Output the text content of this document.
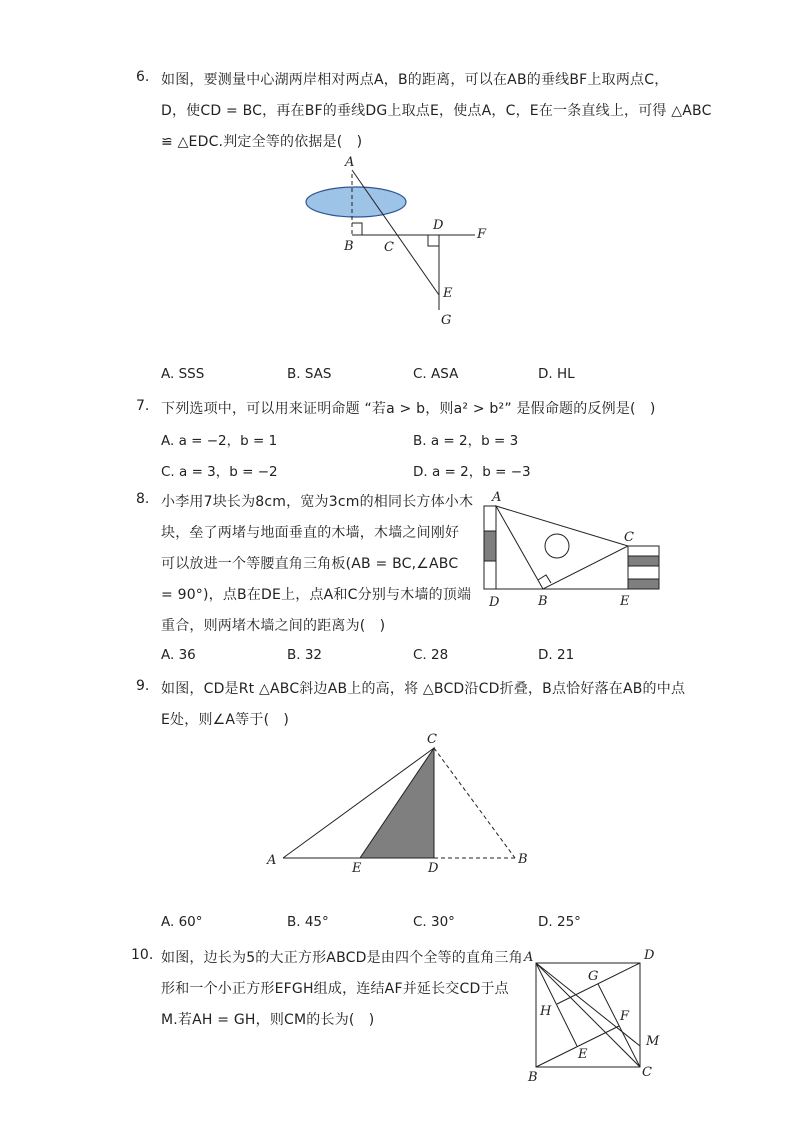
6. 如图，要测量中心湖两岸相对两点A，B的距离，可以在AB的垂线BF上取两点C，
D，使CD = BC，再在BF的垂线DG上取点E，使点A，C，E在一条直线上，可得 △ABC
≌ △EDC.判定全等的依据是(　)
A
B C
D
F
E
G
A. SSS	B. SAS	C. ASA	D. HL
7. 下列选项中，可以用来证明命题 “若a > b，则a² > b²” 是假命题的反例是(　)
A. a = −2，b = 1	B. a = 2，b = 3
C. a = 3，b = −2	D. a = 2，b = −3
8. 小李用7块长为8cm，宽为3cm的相同长方体小木
块，垒了两堵与地面垂直的木墙，木墙之间刚好
可以放进一个等腰直角三角板(AB = BC,∠ABC
= 90°)，点B在DE上，点A和C分别与木墙的顶端
重合，则两堵木墙之间的距离为(　)
A
C
D	B	E
A. 36	B. 32	C. 28	D. 21
9. 如图，CD是Rt △ABC斜边AB上的高，将 △BCD沿CD折叠，B点恰好落在AB的中点
E处，则∠A等于(　)
C
A
E	D
B
A. 60°	B. 45°	C. 30°	D. 25°
10. 如图，边长为5的大正方形ABCD是由四个全等的直角三角
形和一个小正方形EFGH组成，连结AF并延长交CD于点
M.若AH = GH，则CM的长为(　)
A	D
G
H	F
M
E
B	C
